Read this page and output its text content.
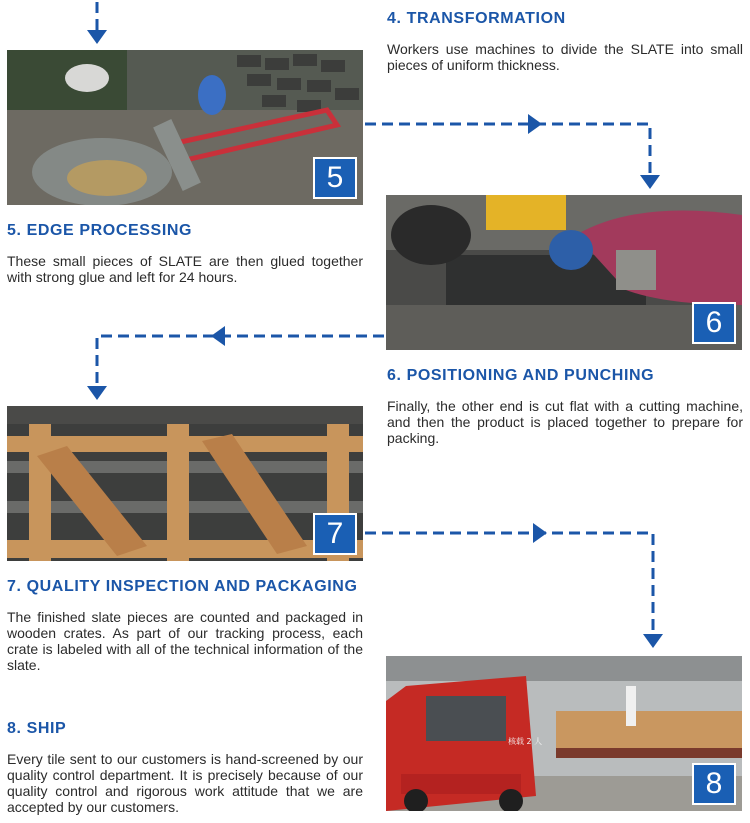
4. TRANSFORMATION

Workers use machines to divide the SLATE into small pieces of uniform thickness.

5
5. EDGE PROCESSING

These small pieces of SLATE are then glued together with strong glue and left for 24 hours.

6
6. POSITIONING AND PUNCHING

Finally, the other end is cut flat with a cutting machine, and then the product is placed together to prepare for packing.

7
7. QUALITY INSPECTION AND PACKAGING

The finished slate pieces are counted and packaged in wooden crates. As part of our tracking process, each crate is labeled with all of the technical information of the slate.

8. SHIP

Every tile sent to our customers is hand-screened by our quality control department. It is precisely because of our quality control and rigorous work attitude that we are accepted by our customers.

核载 2 人
8
